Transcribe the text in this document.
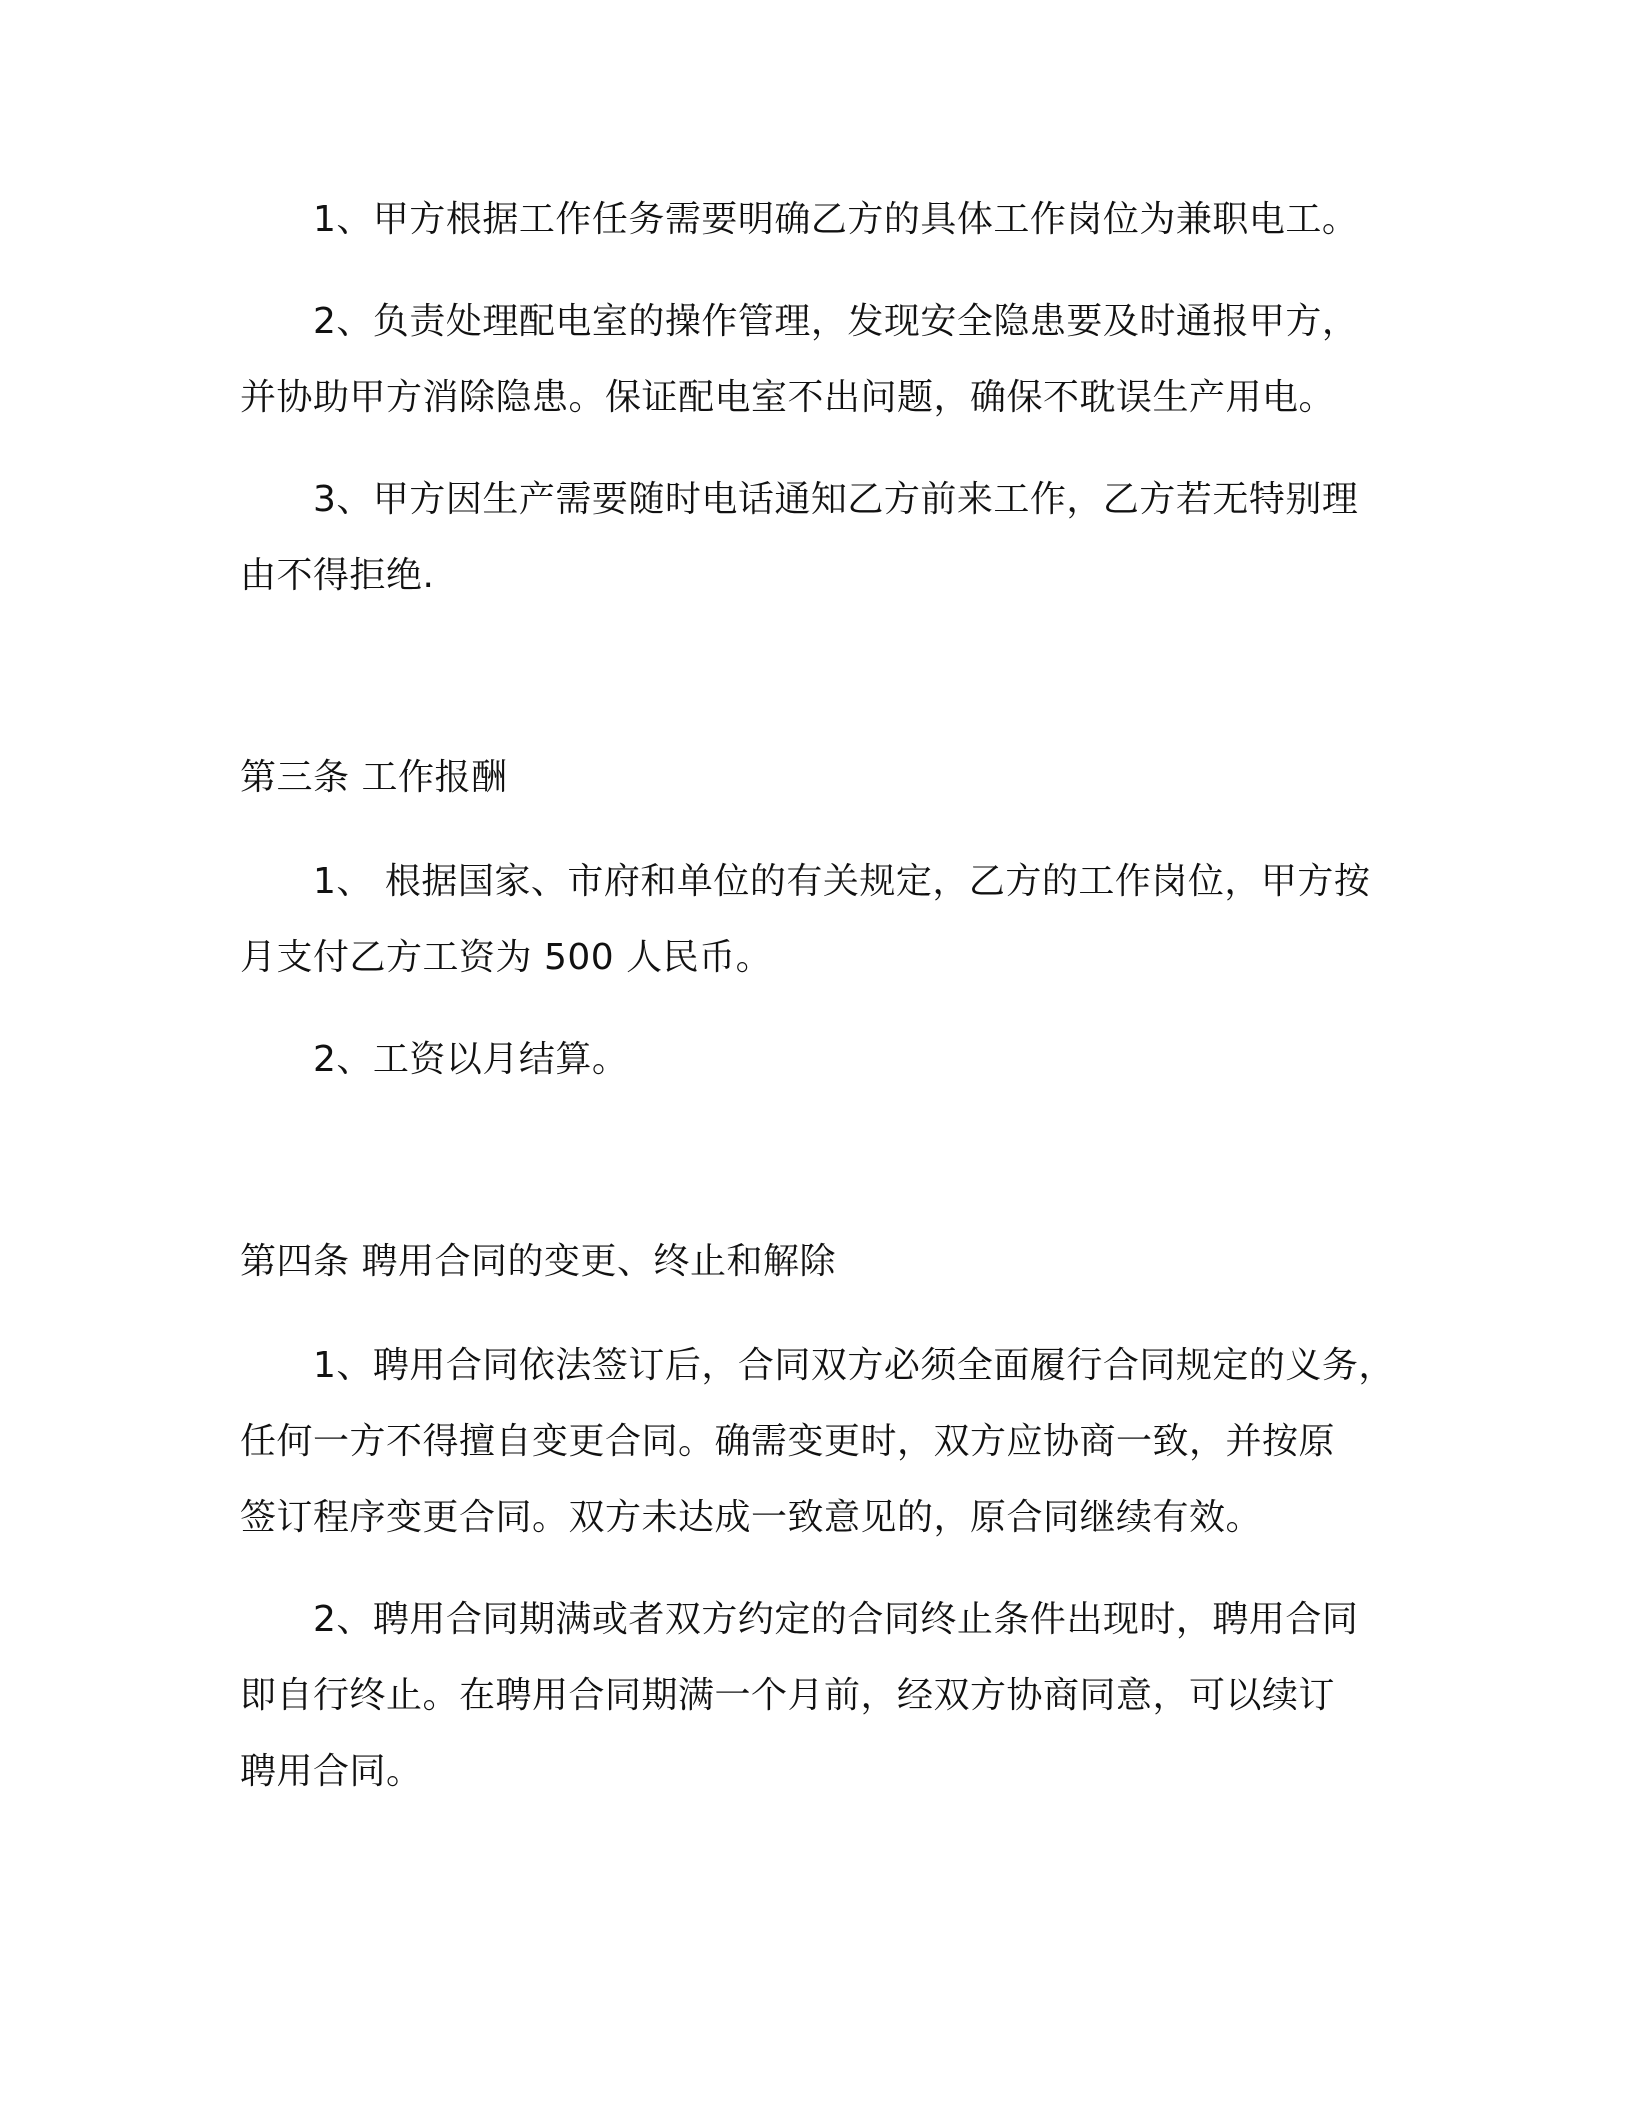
1、甲方根据工作任务需要明确乙方的具体工作岗位为兼职电工。
2、负责处理配电室的操作管理，发现安全隐患要及时通报甲方，
并协助甲方消除隐患。保证配电室不出问题，确保不耽误生产用电。
3、甲方因生产需要随时电话通知乙方前来工作，乙方若无特别理
由不得拒绝.
第三条 工作报酬
1、 根据国家、市府和单位的有关规定，乙方的工作岗位，甲方按
月支付乙方工资为 500 人民币。
2、工资以月结算。
第四条 聘用合同的变更、终止和解除
1、聘用合同依法签订后，合同双方必须全面履行合同规定的义务，
任何一方不得擅自变更合同。确需变更时，双方应协商一致，并按原
签订程序变更合同。双方未达成一致意见的，原合同继续有效。
2、聘用合同期满或者双方约定的合同终止条件出现时，聘用合同
即自行终止。在聘用合同期满一个月前，经双方协商同意，可以续订
聘用合同。
